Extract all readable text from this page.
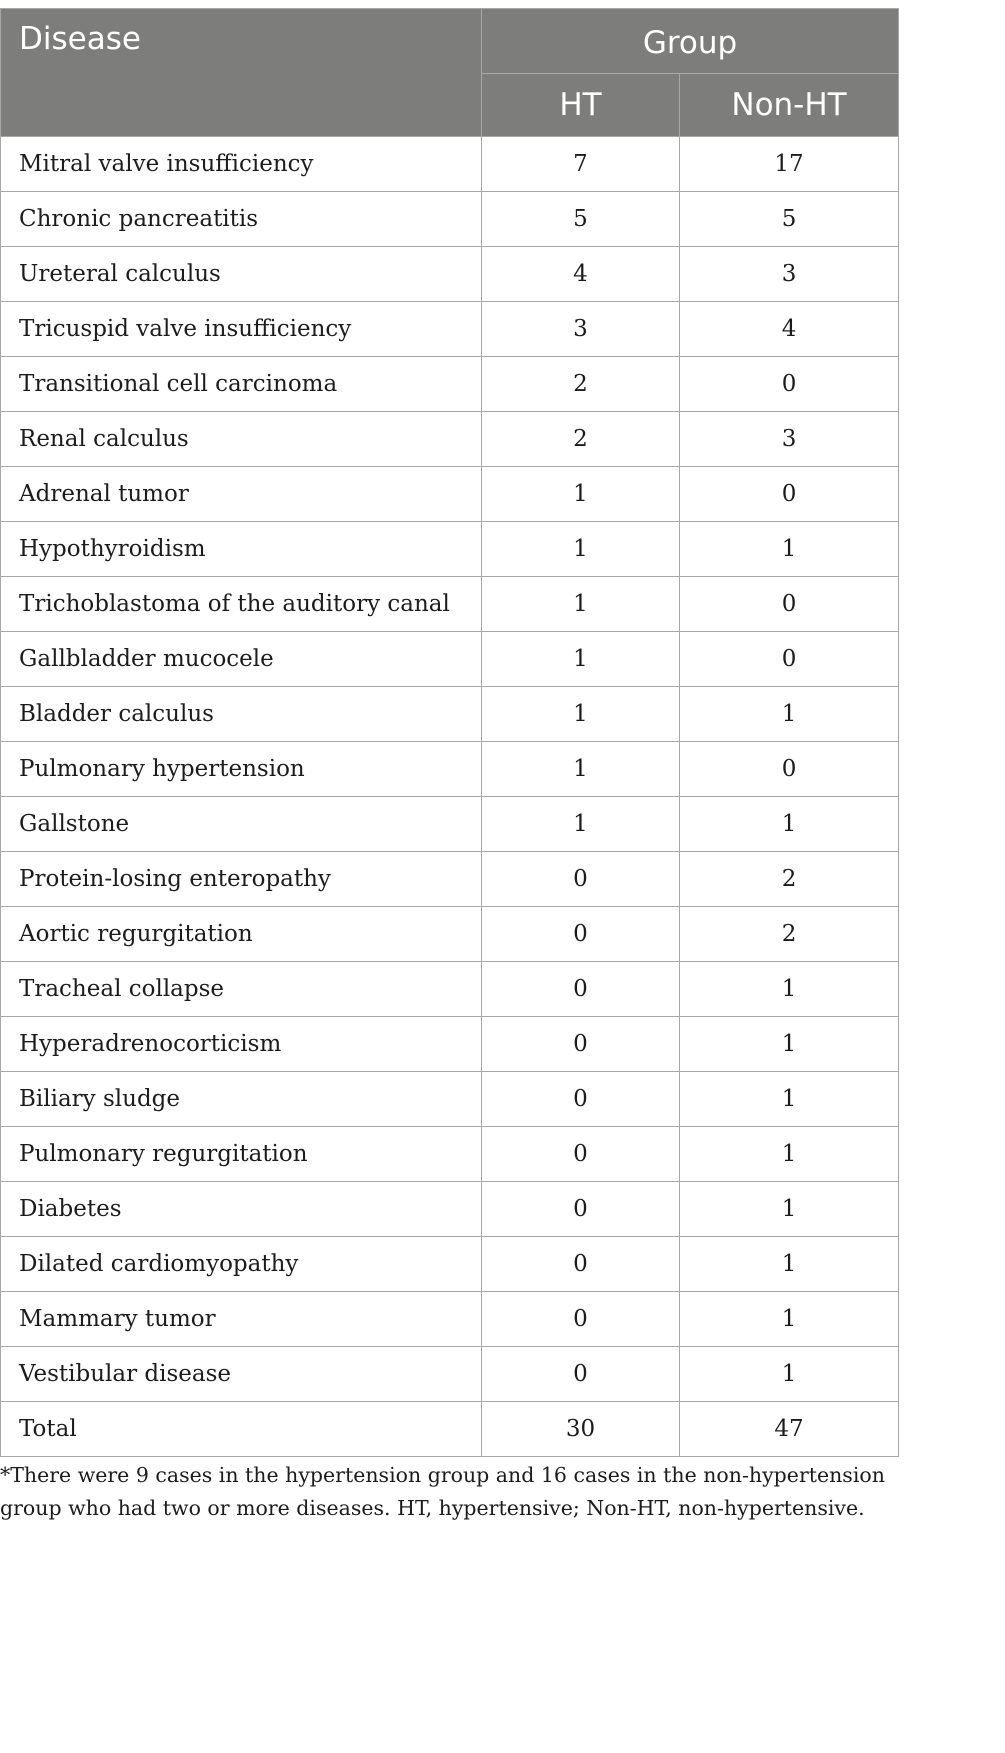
Disease	Group	
	HT	Non-HT
Mitral valve insufficiency	7	17
Chronic pancreatitis	5	5
Ureteral calculus	4	3
Tricuspid valve insufficiency	3	4
Transitional cell carcinoma	2	0
Renal calculus	2	3
Adrenal tumor	1	0
Hypothyroidism	1	1
Trichoblastoma of the auditory canal	1	0
Gallbladder mucocele	1	0
Bladder calculus	1	1
Pulmonary hypertension	1	0
Gallstone	1	1
Protein-losing enteropathy	0	2
Aortic regurgitation	0	2
Tracheal collapse	0	1
Hyperadrenocorticism	0	1
Biliary sludge	0	1
Pulmonary regurgitation	0	1
Diabetes	0	1
Dilated cardiomyopathy	0	1
Mammary tumor	0	1
Vestibular disease	0	1
Total	30	47
*There were 9 cases in the hypertension group and 16 cases in the non-hypertension group who had two or more diseases. HT, hypertensive; Non-HT, non-hypertensive.
